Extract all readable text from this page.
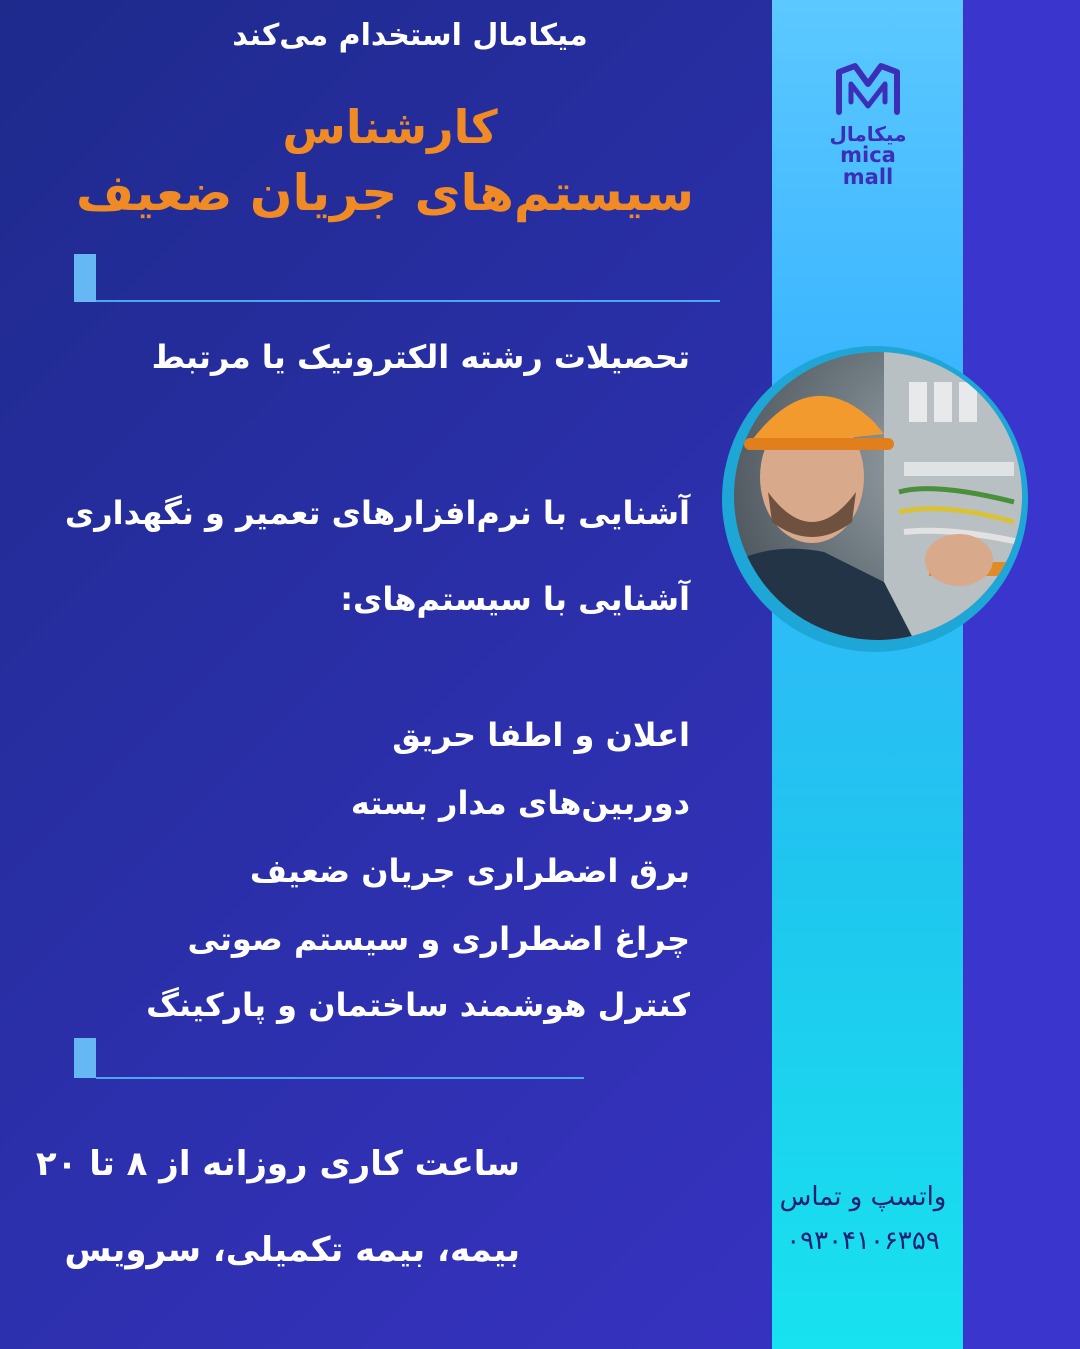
میکامال
mica mall
میکامال استخدام می‌کند
کارشناس
سیستم‌های جریان ضعیف
تحصیلات رشته الکترونیک یا مرتبط
آشنایی با نرم‌افزارهای تعمیر و نگهداری
آشنایی با سیستم‌های:
اعلان و اطفا حریق
دوربین‌های مدار بسته
برق اضطراری جریان ضعیف
چراغ اضطراری و سیستم صوتی
کنترل هوشمند ساختمان و پارکینگ
ساعت کاری روزانه از ۸ تا ۲۰
بیمه، بیمه تکمیلی، سرویس
واتسپ و تماس
۰۹۳۰۴۱۰۶۳۵۹
